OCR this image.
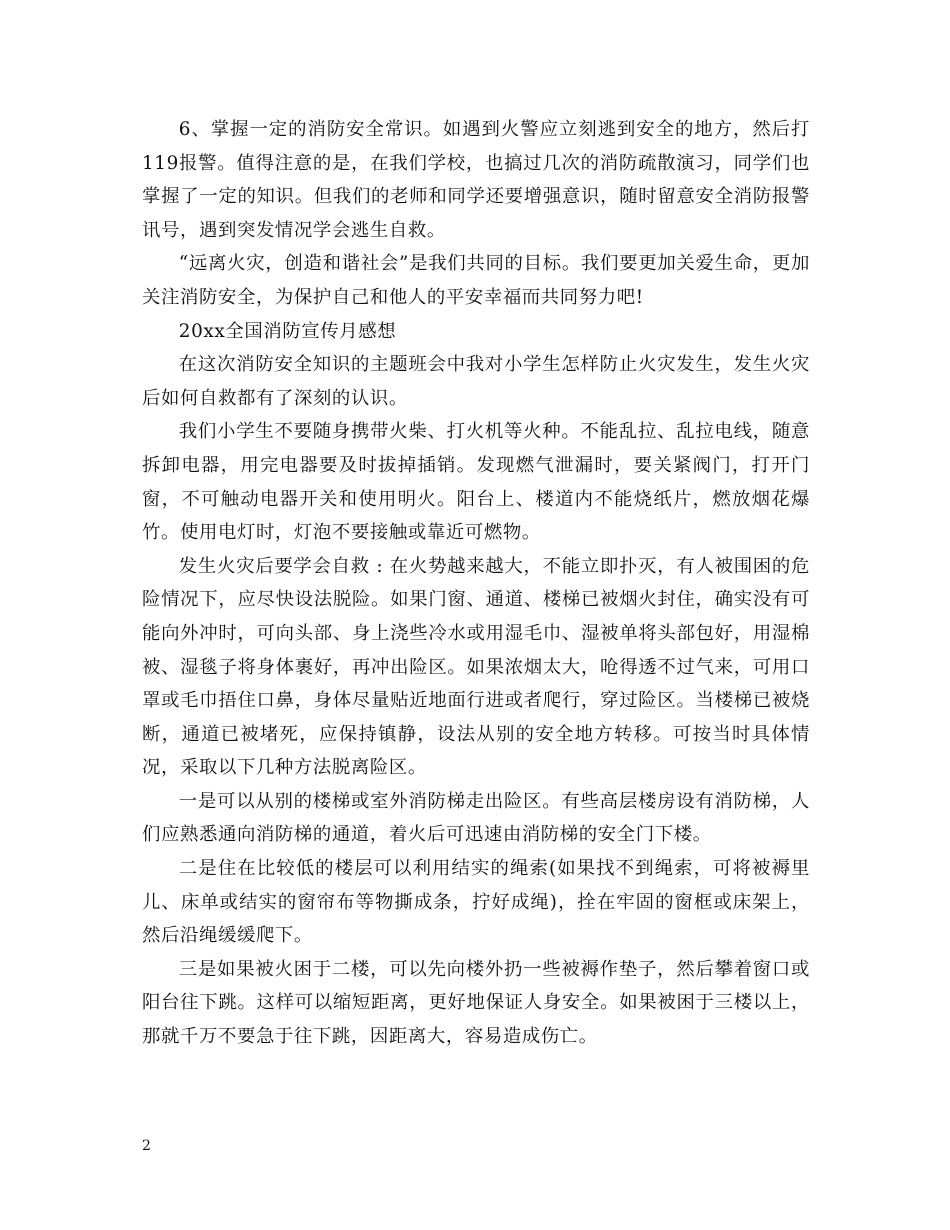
6、掌握一定的消防安全常识。如遇到火警应立刻逃到安全的地方，然后打119报警。值得注意的是，在我们学校，也搞过几次的消防疏散演习，同学们也掌握了一定的知识。但我们的老师和同学还要增强意识，随时留意安全消防报警讯号，遇到突发情况学会逃生自救。

“远离火灾，创造和谐社会”是我们共同的目标。我们要更加关爱生命，更加关注消防安全，为保护自己和他人的平安幸福而共同努力吧!

20xx全国消防宣传月感想

在这次消防安全知识的主题班会中我对小学生怎样防止火灾发生，发生火灾后如何自救都有了深刻的认识。

我们小学生不要随身携带火柴、打火机等火种。不能乱拉、乱拉电线，随意拆卸电器，用完电器要及时拔掉插销。发现燃气泄漏时，要关紧阀门，打开门窗，不可触动电器开关和使用明火。阳台上、楼道内不能烧纸片，燃放烟花爆竹。使用电灯时，灯泡不要接触或靠近可燃物。

发生火灾后要学会自救 : 在火势越来越大，不能立即扑灭，有人被围困的危险情况下，应尽快设法脱险。如果门窗、通道、楼梯已被烟火封住，确实没有可能向外冲时，可向头部、身上浇些冷水或用湿毛巾、湿被单将头部包好，用湿棉被、湿毯子将身体裹好，再冲出险区。如果浓烟太大，呛得透不过气来，可用口罩或毛巾捂住口鼻，身体尽量贴近地面行进或者爬行，穿过险区。当楼梯已被烧断，通道已被堵死，应保持镇静，设法从别的安全地方转移。可按当时具体情况，采取以下几种方法脱离险区。

一是可以从别的楼梯或室外消防梯走出险区。有些高层楼房设有消防梯，人们应熟悉通向消防梯的通道，着火后可迅速由消防梯的安全门下楼。

二是住在比较低的楼层可以利用结实的绳索(如果找不到绳索，可将被褥里儿、床单或结实的窗帘布等物撕成条，拧好成绳)，拴在牢固的窗框或床架上，然后沿绳缓缓爬下。

三是如果被火困于二楼，可以先向楼外扔一些被褥作垫子，然后攀着窗口或阳台往下跳。这样可以缩短距离，更好地保证人身安全。如果被困于三楼以上，那就千万不要急于往下跳，因距离大，容易造成伤亡。

2
